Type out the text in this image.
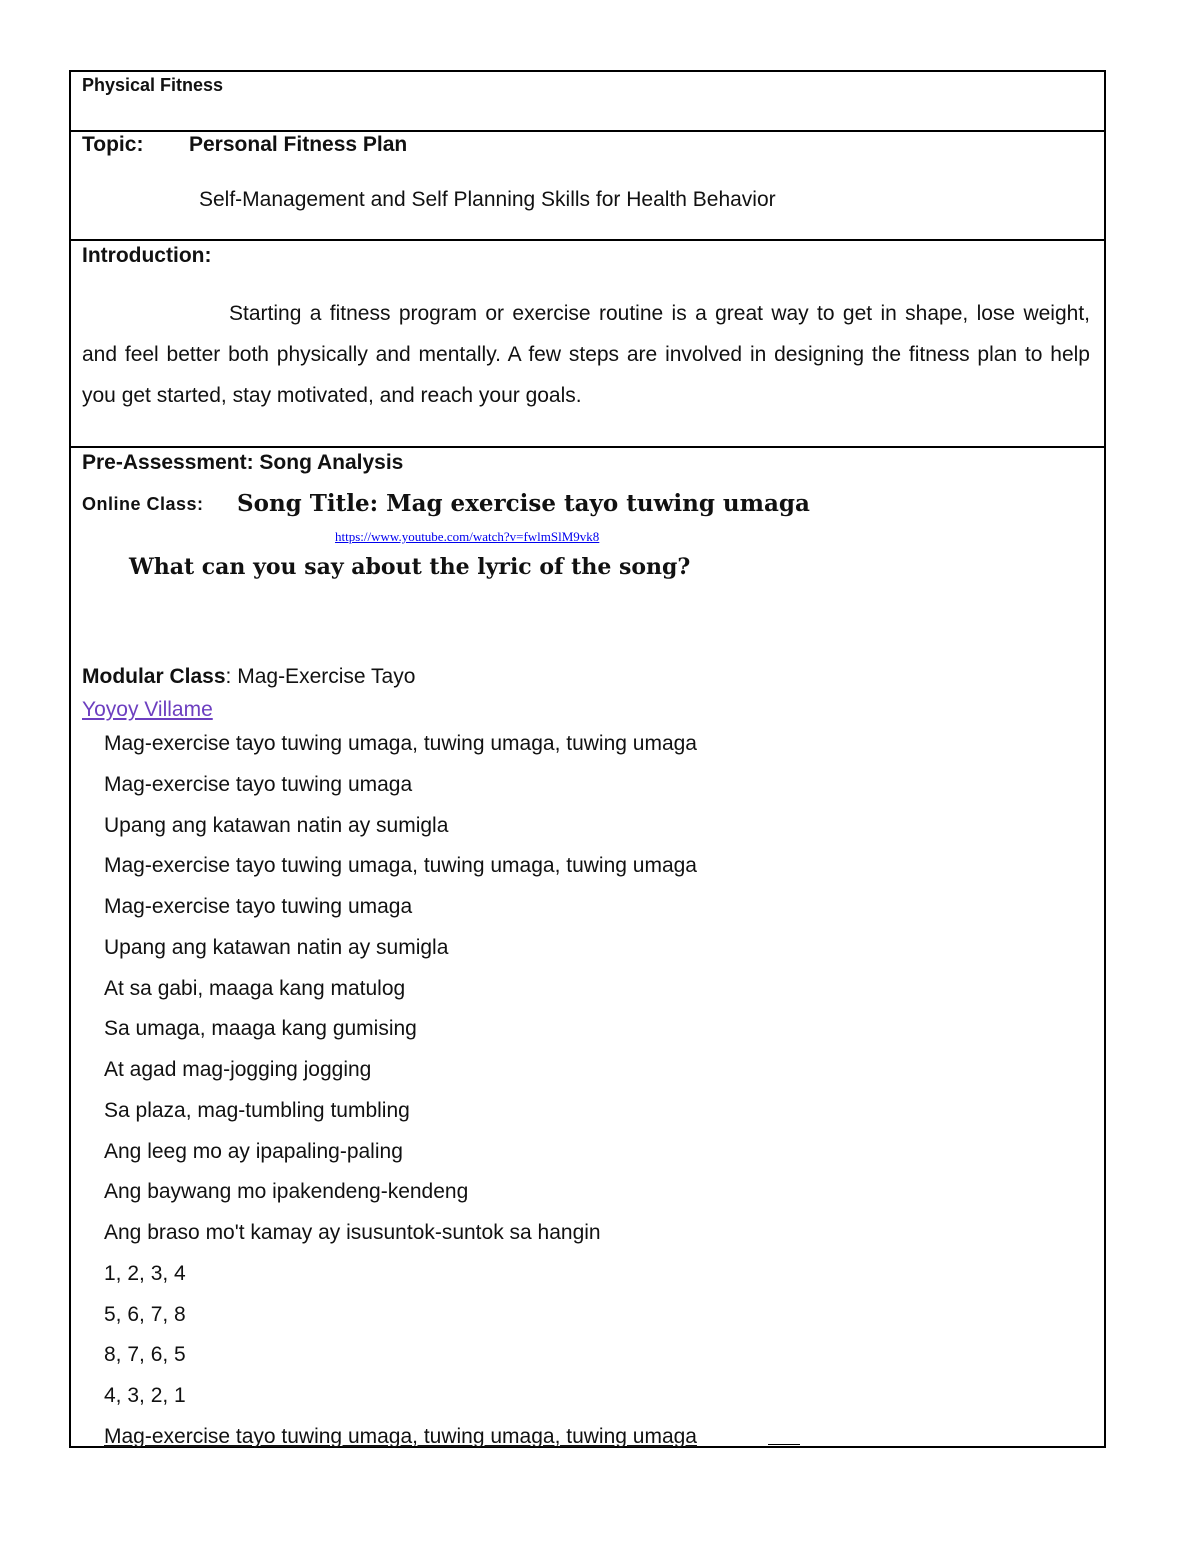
Physical Fitness
Topic: Personal Fitness Plan
Self-Management and Self Planning Skills for Health Behavior
Introduction:

Starting a fitness program or exercise routine is a great way to get in shape, lose weight, and feel better both physically and mentally. A few steps are involved in designing the fitness plan to help you get started, stay motivated, and reach your goals.

Pre-Assessment: Song Analysis
Online Class: Song Title: Mag exercise tayo tuwing umaga
https://www.youtube.com/watch?v=fwlmSlM9vk8
What can you say about the lyric of the song?
Modular Class: Mag-Exercise Tayo
Yoyoy Villame
Mag-exercise tayo tuwing umaga, tuwing umaga, tuwing umaga
Mag-exercise tayo tuwing umaga
Upang ang katawan natin ay sumigla
Mag-exercise tayo tuwing umaga, tuwing umaga, tuwing umaga
Mag-exercise tayo tuwing umaga
Upang ang katawan natin ay sumigla
At sa gabi, maaga kang matulog
Sa umaga, maaga kang gumising
At agad mag-jogging jogging
Sa plaza, mag-tumbling tumbling
Ang leeg mo ay ipapaling-paling
Ang baywang mo ipakendeng-kendeng
Ang braso mo't kamay ay isusuntok-suntok sa hangin
1, 2, 3, 4
5, 6, 7, 8
8, 7, 6, 5
4, 3, 2, 1
Mag-exercise tayo tuwing umaga, tuwing umaga, tuwing umaga
